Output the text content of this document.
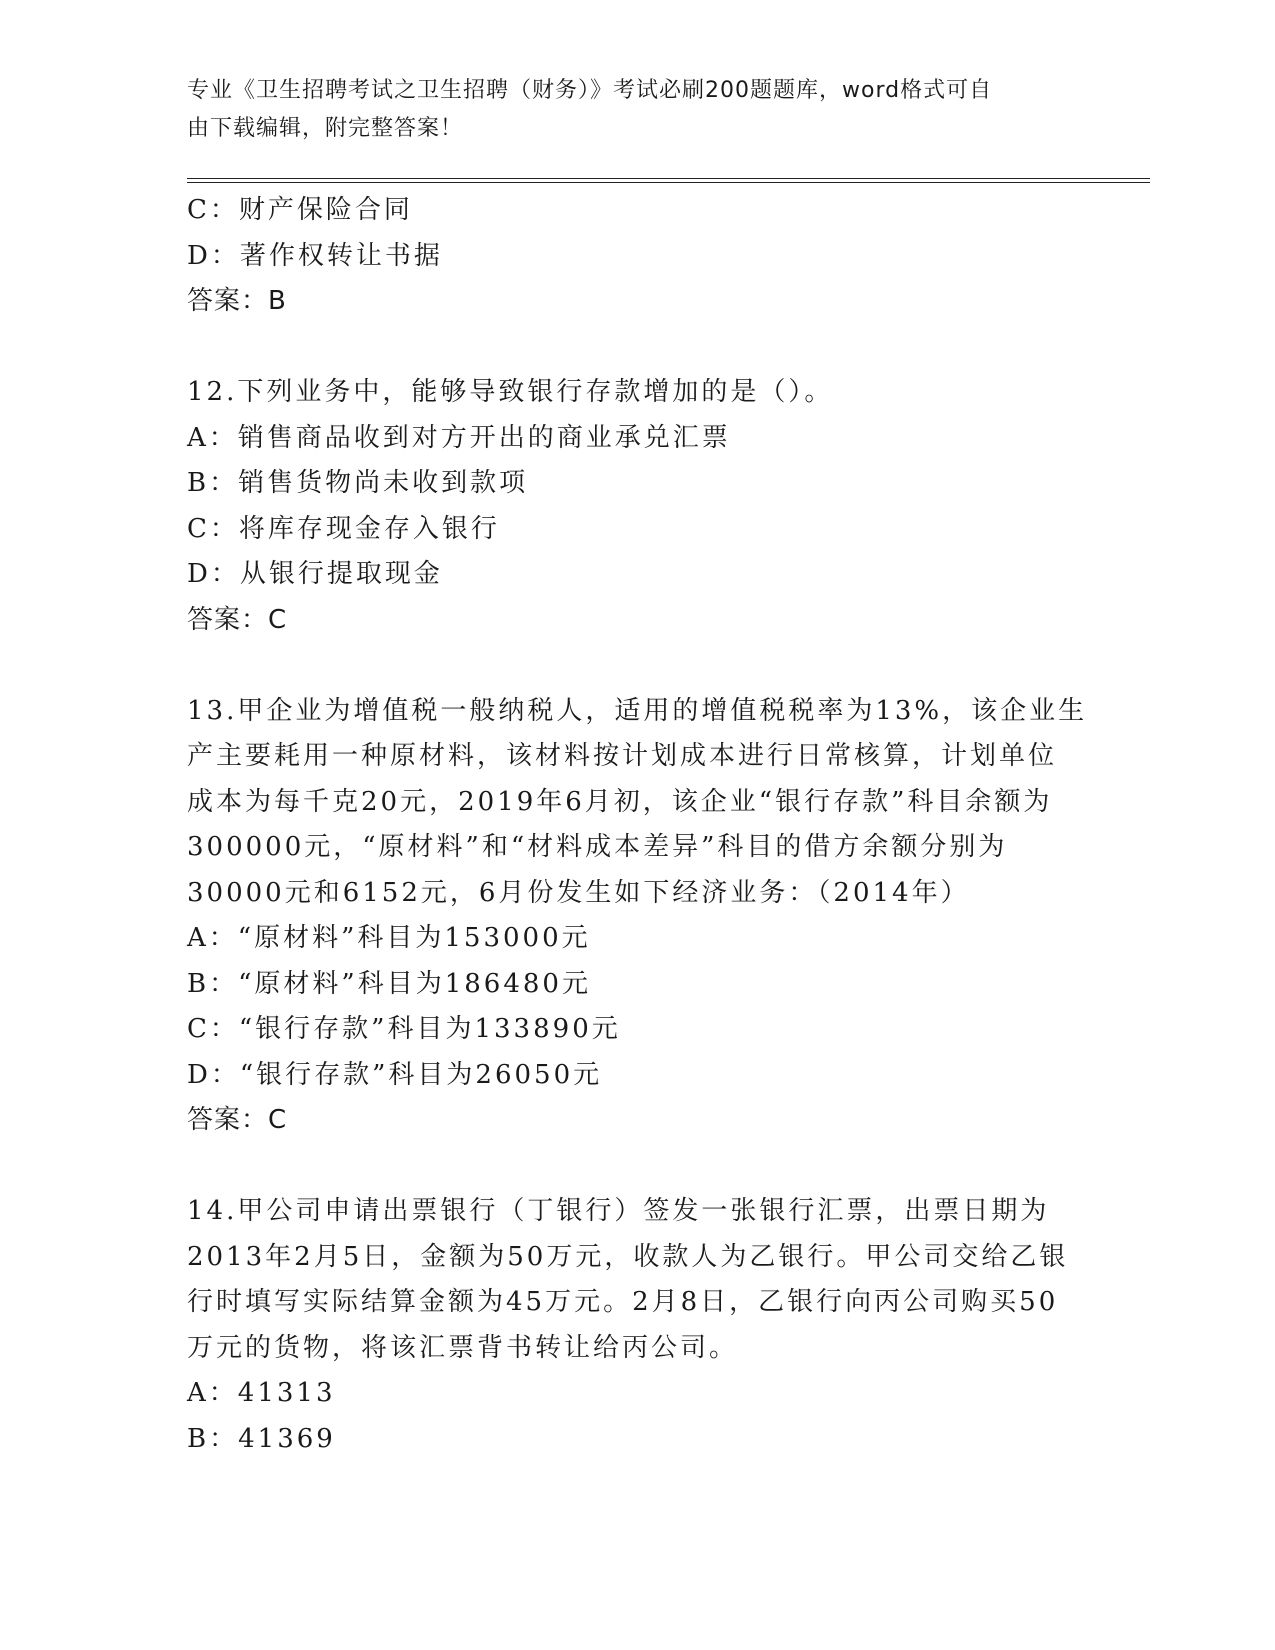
专业《卫生招聘考试之卫生招聘（财务）》考试必刷200题题库，word格式可自
由下载编辑，附完整答案！
C：财产保险合同
D：著作权转让书据
答案：B
12.下列业务中，能够导致银行存款增加的是（）。
A：销售商品收到对方开出的商业承兑汇票
B：销售货物尚未收到款项
C：将库存现金存入银行
D：从银行提取现金
答案：C
13.甲企业为增值税一般纳税人，适用的增值税税率为13%，该企业生
产主要耗用一种原材料，该材料按计划成本进行日常核算，计划单位
成本为每千克20元，2019年6月初，该企业“银行存款”科目余额为
300000元，“原材料”和“材料成本差异”科目的借方余额分别为
30000元和6152元，6月份发生如下经济业务：（2014年）
A：“原材料”科目为153000元
B：“原材料”科目为186480元
C：“银行存款”科目为133890元
D：“银行存款”科目为26050元
答案：C
14.甲公司申请出票银行（丁银行）签发一张银行汇票，出票日期为
2013年2月5日，金额为50万元，收款人为乙银行。甲公司交给乙银
行时填写实际结算金额为45万元。2月8日，乙银行向丙公司购买50
万元的货物，将该汇票背书转让给丙公司。
A：41313
B：41369
